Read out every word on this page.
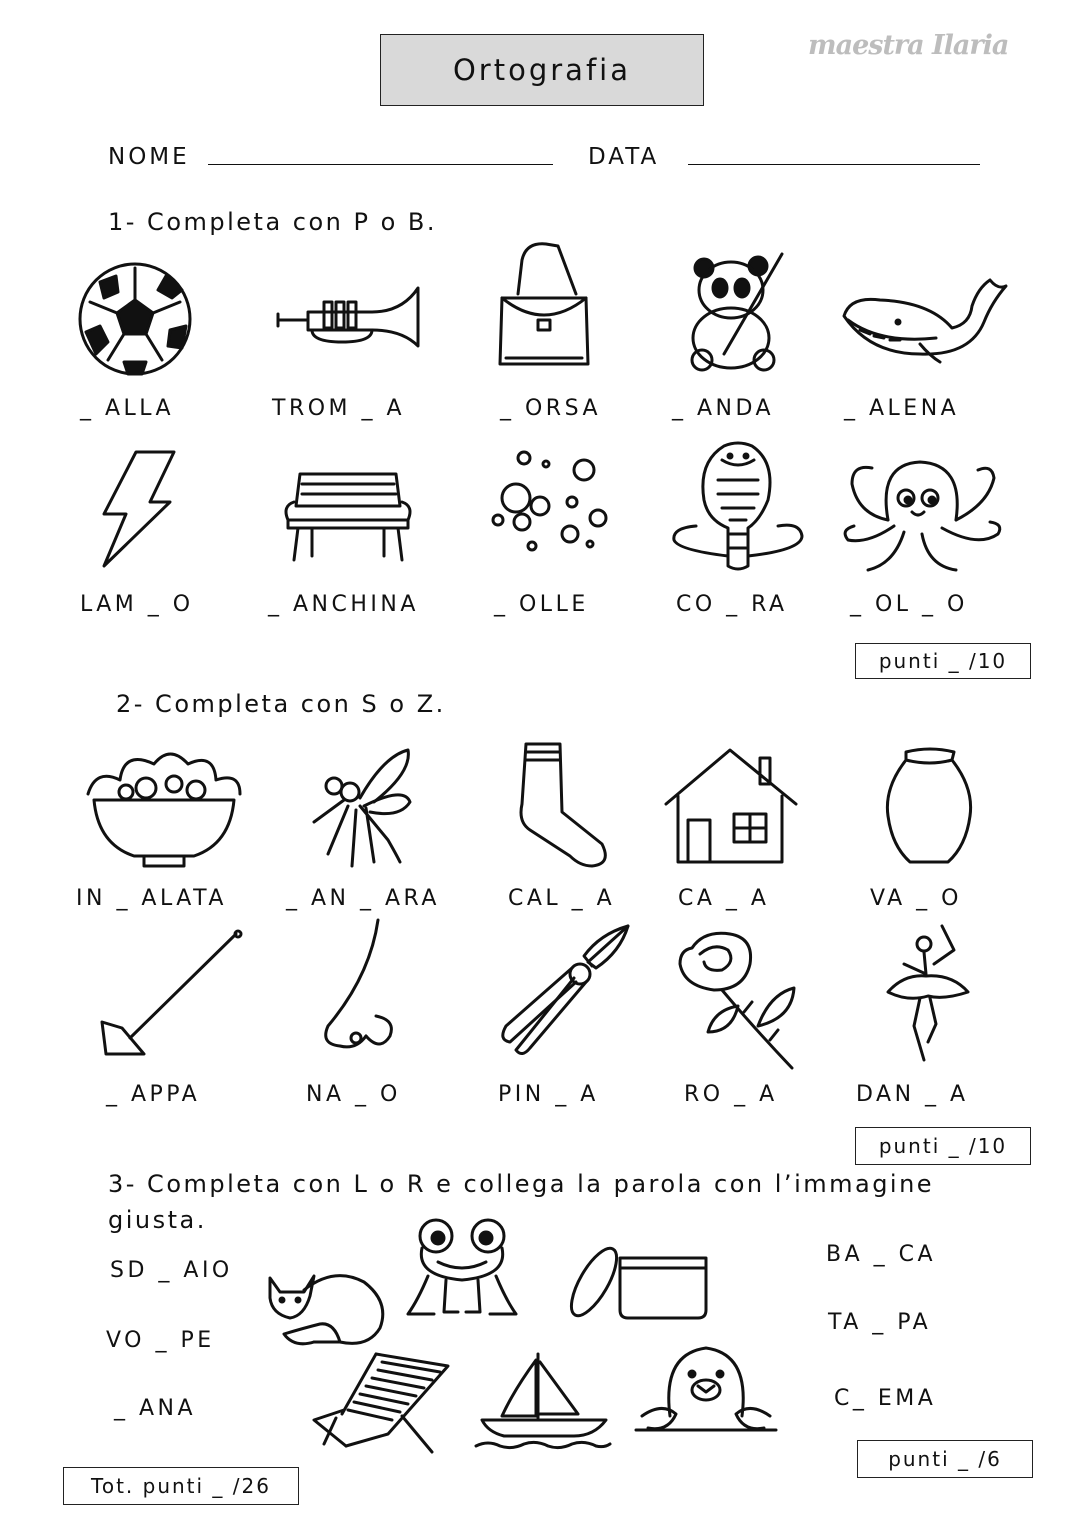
Ortografia
maestra Ilaria
NOME	DATA
1- Completa con P o B.
_ ALLA	TROM _ A	_ ORSA	_ ANDA	_ ALENA
LAM _ O	_ ANCHINA	_ OLLE	CO _ RA	_ OL _ O
punti _ /10
2- Completa con S o Z.
IN _ ALATA	_ AN _ ARA	CAL _ A	CA _ A	VA _ O
_ APPA	NA _ O	PIN _ A	RO _ A	DAN _ A
punti _ /10
3- Completa con L o R e collega la parola con l’immagine giusta.
SD _ AIO
VO _ PE
_ ANA
BA _ CA
TA _ PA
C_ EMA
punti _ /6
Tot. punti _ /26
